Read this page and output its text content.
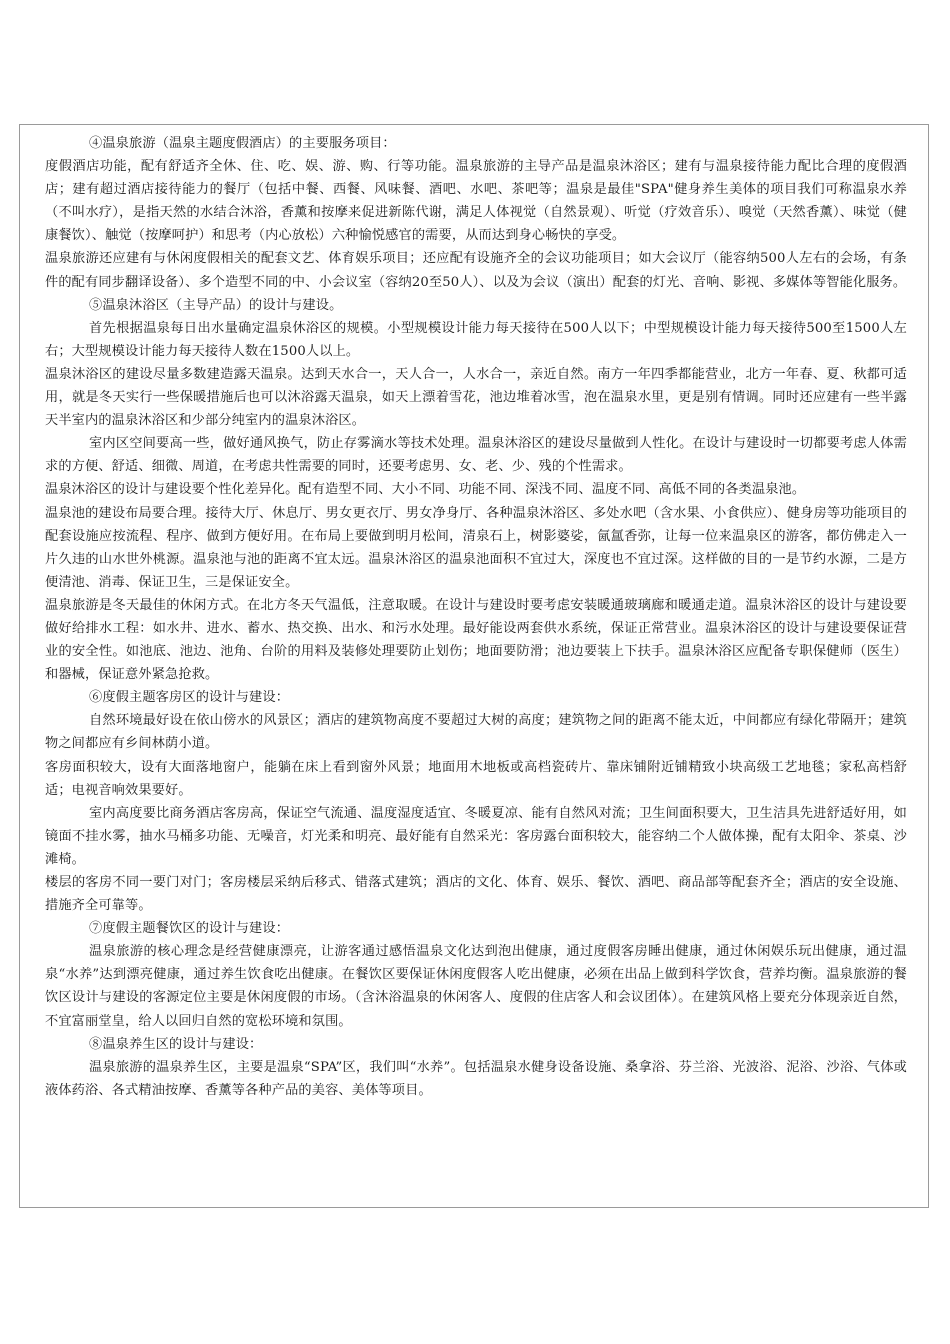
④温泉旅游（温泉主题度假酒店）的主要服务项目：

度假酒店功能，配有舒适齐全休、住、吃、娱、游、购、行等功能。温泉旅游的主导产品是温泉沐浴区；建有与温泉接待能力配比合理的度假酒店；建有超过酒店接待能力的餐厅（包括中餐、西餐、风味餐、酒吧、水吧、茶吧等；温泉是最佳"SPA"健身养生美体的项目我们可称温泉水养（不叫水疗），是指天然的水结合沐浴，香薰和按摩来促进新陈代谢，满足人体视觉（自然景观）、听觉（疗效音乐）、嗅觉（天然香薰）、味觉（健康餐饮）、触觉（按摩呵护）和思考（内心放松）六种愉悦感官的需要，从而达到身心畅快的享受。

温泉旅游还应建有与休闲度假相关的配套文艺、体育娱乐项目；还应配有设施齐全的会议功能项目；如大会议厅（能容纳500人左右的会场，有条件的配有同步翻译设备）、多个造型不同的中、小会议室（容纳20至50人）、以及为会议（演出）配套的灯光、音响、影视、多媒体等智能化服务。

⑤温泉沐浴区（主导产品）的设计与建设。

首先根据温泉每日出水量确定温泉休浴区的规模。小型规模设计能力每天接待在500人以下；中型规模设计能力每天接待500至1500人左右；大型规模设计能力每天接待人数在1500人以上。

温泉沐浴区的建设尽量多数建造露天温泉。达到天水合一，天人合一，人水合一，亲近自然。南方一年四季都能营业，北方一年春、夏、秋都可适用，就是冬天实行一些保暖措施后也可以沐浴露天温泉，如天上漂着雪花，池边堆着冰雪，泡在温泉水里，更是别有情调。同时还应建有一些半露天半室内的温泉沐浴区和少部分纯室内的温泉沐浴区。

室内区空间要高一些，做好通风换气，防止存雾滴水等技术处理。温泉沐浴区的建设尽量做到人性化。在设计与建设时一切都要考虑人体需求的方便、舒适、细微、周道，在考虑共性需要的同时，还要考虑男、女、老、少、残的个性需求。

温泉沐浴区的设计与建设要个性化差异化。配有造型不同、大小不同、功能不同、深浅不同、温度不同、高低不同的各类温泉池。

温泉池的建设布局要合理。接待大厅、休息厅、男女更衣厅、男女净身厅、各种温泉沐浴区、多处水吧（含水果、小食供应）、健身房等功能项目的配套设施应按流程、程序、做到方便好用。在布局上要做到明月松间，清泉石上，树影婆娑，氤氲香弥，让每一位来温泉区的游客，都仿佛走入一片久违的山水世外桃源。温泉池与池的距离不宜太远。温泉沐浴区的温泉池面积不宜过大，深度也不宜过深。这样做的目的一是节约水源，二是方便清池、消毒、保证卫生，三是保证安全。

温泉旅游是冬天最佳的休闲方式。在北方冬天气温低，注意取暖。在设计与建设时要考虑安装暖通玻璃廊和暖通走道。温泉沐浴区的设计与建设要做好给排水工程：如水井、进水、蓄水、热交换、出水、和污水处理。最好能设两套供水系统，保证正常营业。温泉沐浴区的设计与建设要保证营业的安全性。如池底、池边、池角、台阶的用料及装修处理要防止划伤；地面要防滑；池边要装上下扶手。温泉沐浴区应配备专职保健师（医生）和器械，保证意外紧急抢救。

⑥度假主题客房区的设计与建设：

自然环境最好设在依山傍水的风景区；酒店的建筑物高度不要超过大树的高度；建筑物之间的距离不能太近，中间都应有绿化带隔开；建筑物之间都应有乡间林荫小道。

客房面积较大，设有大面落地窗户，能躺在床上看到窗外风景；地面用木地板或高档瓷砖片、靠床铺附近铺精致小块高级工艺地毯；家私高档舒适；电视音响效果要好。

室内高度要比商务酒店客房高，保证空气流通、温度湿度适宜、冬暖夏凉、能有自然风对流；卫生间面积要大，卫生洁具先进舒适好用，如镜面不挂水雾，抽水马桶多功能、无噪音，灯光柔和明亮、最好能有自然采光：客房露台面积较大，能容纳二个人做体操，配有太阳伞、茶桌、沙滩椅。

楼层的客房不同一要门对门；客房楼层采纳后移式、错落式建筑；酒店的文化、体育、娱乐、餐饮、酒吧、商品部等配套齐全；酒店的安全设施、措施齐全可靠等。

⑦度假主题餐饮区的设计与建设：

温泉旅游的核心理念是经营健康漂亮，让游客通过感悟温泉文化达到泡出健康，通过度假客房睡出健康，通过休闲娱乐玩出健康，通过温泉“水养”达到漂亮健康，通过养生饮食吃出健康。在餐饮区要保证休闲度假客人吃出健康，必须在出品上做到科学饮食，营养均衡。温泉旅游的餐饮区设计与建设的客源定位主要是休闲度假的市场。（含沐浴温泉的休闲客人、度假的住店客人和会议团体）。在建筑风格上要充分体现亲近自然，不宜富丽堂皇，给人以回归自然的宽松环境和氛围。

⑧温泉养生区的设计与建设：

温泉旅游的温泉养生区，主要是温泉“SPA”区，我们叫“水养”。包括温泉水健身设备设施、桑拿浴、芬兰浴、光波浴、泥浴、沙浴、气体或液体药浴、各式精油按摩、香薰等各种产品的美容、美体等项目。
